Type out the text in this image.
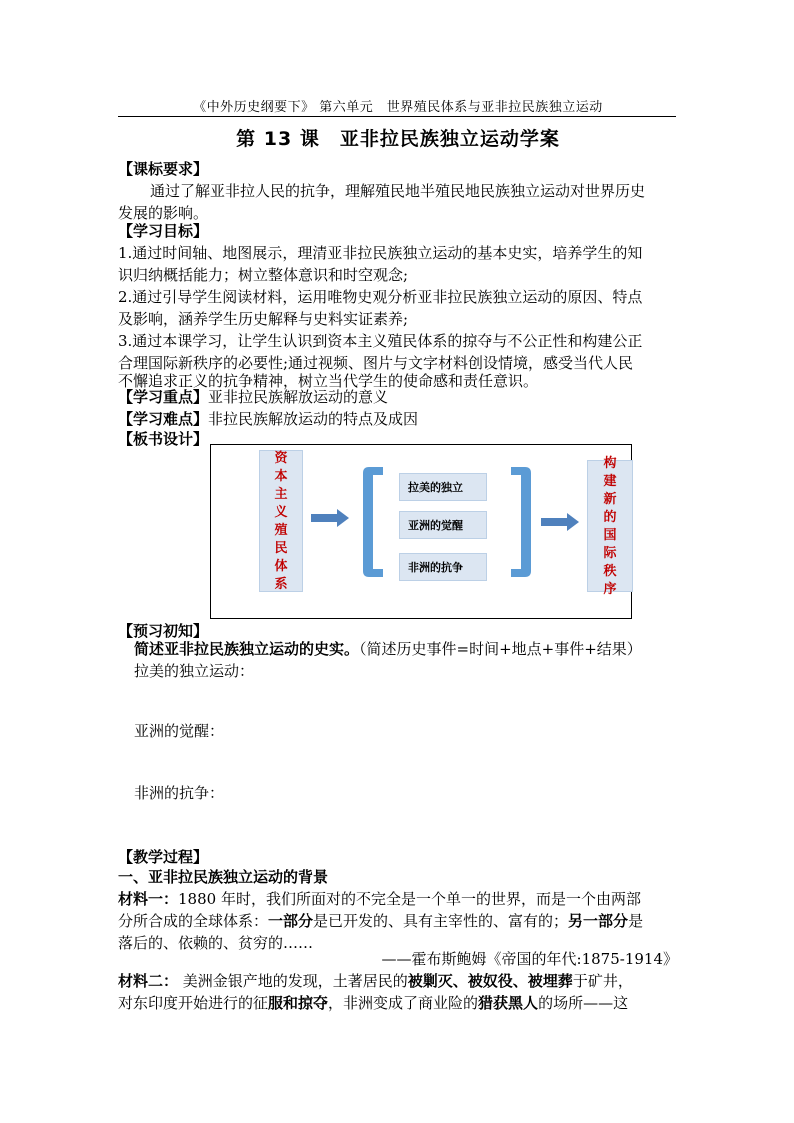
《中外历史纲要下》 第六单元　世界殖民体系与亚非拉民族独立运动
第 13 课　亚非拉民族独立运动学案
【课标要求】
通过了解亚非拉人民的抗争，理解殖民地半殖民地民族独立运动对世界历史
发展的影响。
【学习目标】
1.通过时间轴、地图展示，理清亚非拉民族独立运动的基本史实，培养学生的知
识归纳概括能力；树立整体意识和时空观念;
2.通过引导学生阅读材料，运用唯物史观分析亚非拉民族独立运动的原因、特点
及影响，涵养学生历史解释与史料实证素养;
3.通过本课学习，让学生认识到资本主义殖民体系的掠夺与不公正性和构建公正
合理国际新秩序的必要性;通过视频、图片与文字材料创设情境，感受当代人民
不懈追求正义的抗争精神，树立当代学生的使命感和责任意识。
【学习重点】亚非拉民族解放运动的意义
【学习难点】非拉民族解放运动的特点及成因
【板书设计】
资
本
主
义
殖
民
体
系
拉美的独立
亚洲的觉醒
非洲的抗争
构
建
新
的
国
际
秩
序
【预习初知】
简述亚非拉民族独立运动的史实。（简述历史事件=时间+地点+事件+结果）
拉美的独立运动：
亚洲的觉醒：
非洲的抗争：
【教学过程】
一、亚非拉民族独立运动的背景
材料一：1880 年时，我们所面对的不完全是一个单一的世界，而是一个由两部
分所合成的全球体系：一部分是已开发的、具有主宰性的、富有的；另一部分是
落后的、依赖的、贫穷的……
——霍布斯鲍姆《帝国的年代:1875-1914》
材料二： 美洲金银产地的发现，土著居民的被剿灭、被奴役、被埋葬于矿井，
对东印度开始进行的征服和掠夺，非洲变成了商业险的猎获黑人的场所——这
